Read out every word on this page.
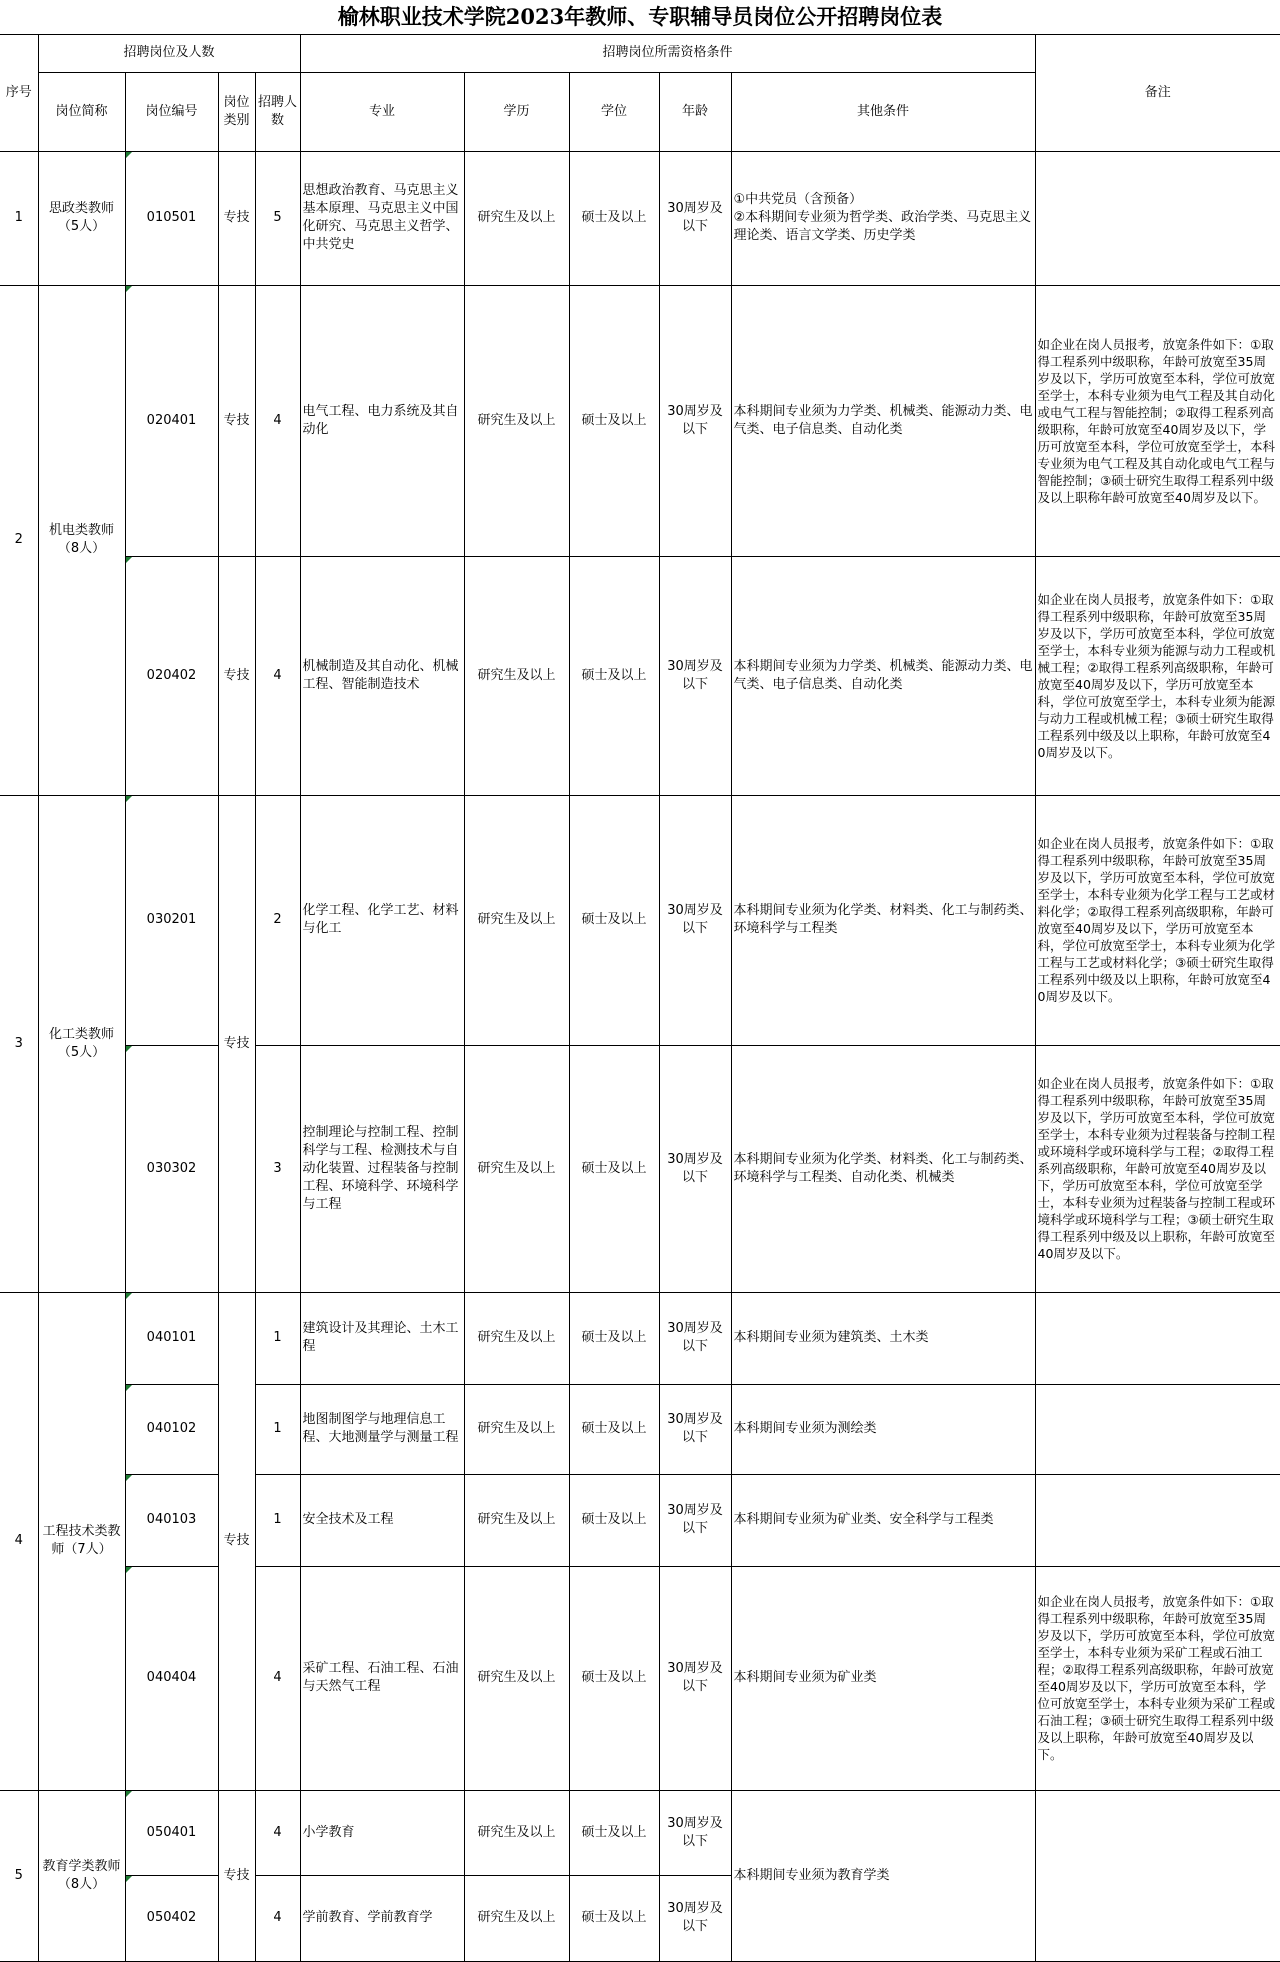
榆林职业技术学院2023年教师、专职辅导员岗位公开招聘岗位表
序号	招聘岗位及人数				招聘岗位所需资格条件					备注
	岗位简称	岗位编号	岗位类别	招聘人数	专业	学历	学位	年龄	其他条件	
1	思政类教师（5人）	010501	专技	5	思想政治教育、马克思主义基本原理、马克思主义中国化研究、马克思主义哲学、中共党史	研究生及以上	硕士及以上	30周岁及以下	①中共党员（含预备）
②本科期间专业须为哲学类、政治学类、马克思主义理论类、语言文学类、历史学类	
2	机电类教师（8人）	020401	专技	4	电气工程、电力系统及其自动化	研究生及以上	硕士及以上	30周岁及以下	本科期间专业须为力学类、机械类、能源动力类、电气类、电子信息类、自动化类	如企业在岗人员报考，放宽条件如下：①取得工程系列中级职称，年龄可放宽至35周岁及以下，学历可放宽至本科，学位可放宽至学士，本科专业须为电气工程及其自动化或电气工程与智能控制；②取得工程系列高级职称，年龄可放宽至40周岁及以下，学历可放宽至本科，学位可放宽至学士，本科专业须为电气工程及其自动化或电气工程与智能控制；③硕士研究生取得工程系列中级及以上职称年龄可放宽至40周岁及以下。
		020402	专技	4	机械制造及其自动化、机械工程、智能制造技术	研究生及以上	硕士及以上	30周岁及以下	本科期间专业须为力学类、机械类、能源动力类、电气类、电子信息类、自动化类	如企业在岗人员报考，放宽条件如下：①取得工程系列中级职称，年龄可放宽至35周岁及以下，学历可放宽至本科，学位可放宽至学士，本科专业须为能源与动力工程或机械工程；②取得工程系列高级职称，年龄可放宽至40周岁及以下，学历可放宽至本科，学位可放宽至学士，本科专业须为能源与动力工程或机械工程；③硕士研究生取得工程系列中级及以上职称，年龄可放宽至40周岁及以下。
3	化工类教师（5人）	030201	专技	2	化学工程、化学工艺、材料与化工	研究生及以上	硕士及以上	30周岁及以下	本科期间专业须为化学类、材料类、化工与制药类、环境科学与工程类	如企业在岗人员报考，放宽条件如下：①取得工程系列中级职称，年龄可放宽至35周岁及以下，学历可放宽至本科，学位可放宽至学士，本科专业须为化学工程与工艺或材料化学；②取得工程系列高级职称，年龄可放宽至40周岁及以下，学历可放宽至本科，学位可放宽至学士，本科专业须为化学工程与工艺或材料化学；③硕士研究生取得工程系列中级及以上职称，年龄可放宽至40周岁及以下。
		030302		3	控制理论与控制工程、控制科学与工程、检测技术与自动化装置、过程装备与控制工程、环境科学、环境科学与工程	研究生及以上	硕士及以上	30周岁及以下	本科期间专业须为化学类、材料类、化工与制药类、环境科学与工程类、自动化类、机械类	如企业在岗人员报考，放宽条件如下：①取得工程系列中级职称，年龄可放宽至35周岁及以下，学历可放宽至本科，学位可放宽至学士，本科专业须为过程装备与控制工程或环境科学或环境科学与工程；②取得工程系列高级职称，年龄可放宽至40周岁及以下，学历可放宽至本科，学位可放宽至学士，本科专业须为过程装备与控制工程或环境科学或环境科学与工程；③硕士研究生取得工程系列中级及以上职称，年龄可放宽至40周岁及以下。
4	工程技术类教师（7人）	040101	专技	1	建筑设计及其理论、土木工程	研究生及以上	硕士及以上	30周岁及以下	本科期间专业须为建筑类、土木类	
		040102		1	地图制图学与地理信息工程、大地测量学与测量工程	研究生及以上	硕士及以上	30周岁及以下	本科期间专业须为测绘类	
		040103		1	安全技术及工程	研究生及以上	硕士及以上	30周岁及以下	本科期间专业须为矿业类、安全科学与工程类	
		040404		4	采矿工程、石油工程、石油与天然气工程	研究生及以上	硕士及以上	30周岁及以下	本科期间专业须为矿业类	如企业在岗人员报考，放宽条件如下：①取得工程系列中级职称，年龄可放宽至35周岁及以下，学历可放宽至本科，学位可放宽至学士，本科专业须为采矿工程或石油工程；②取得工程系列高级职称，年龄可放宽至40周岁及以下，学历可放宽至本科，学位可放宽至学士，本科专业须为采矿工程或石油工程；③硕士研究生取得工程系列中级及以上职称，年龄可放宽至40周岁及以下。
5	教育学类教师（8人）	050401	专技	4	小学教育	研究生及以上	硕士及以上	30周岁及以下	本科期间专业须为教育学类	
		050402		4	学前教育、学前教育学	研究生及以上	硕士及以上	30周岁及以下		
